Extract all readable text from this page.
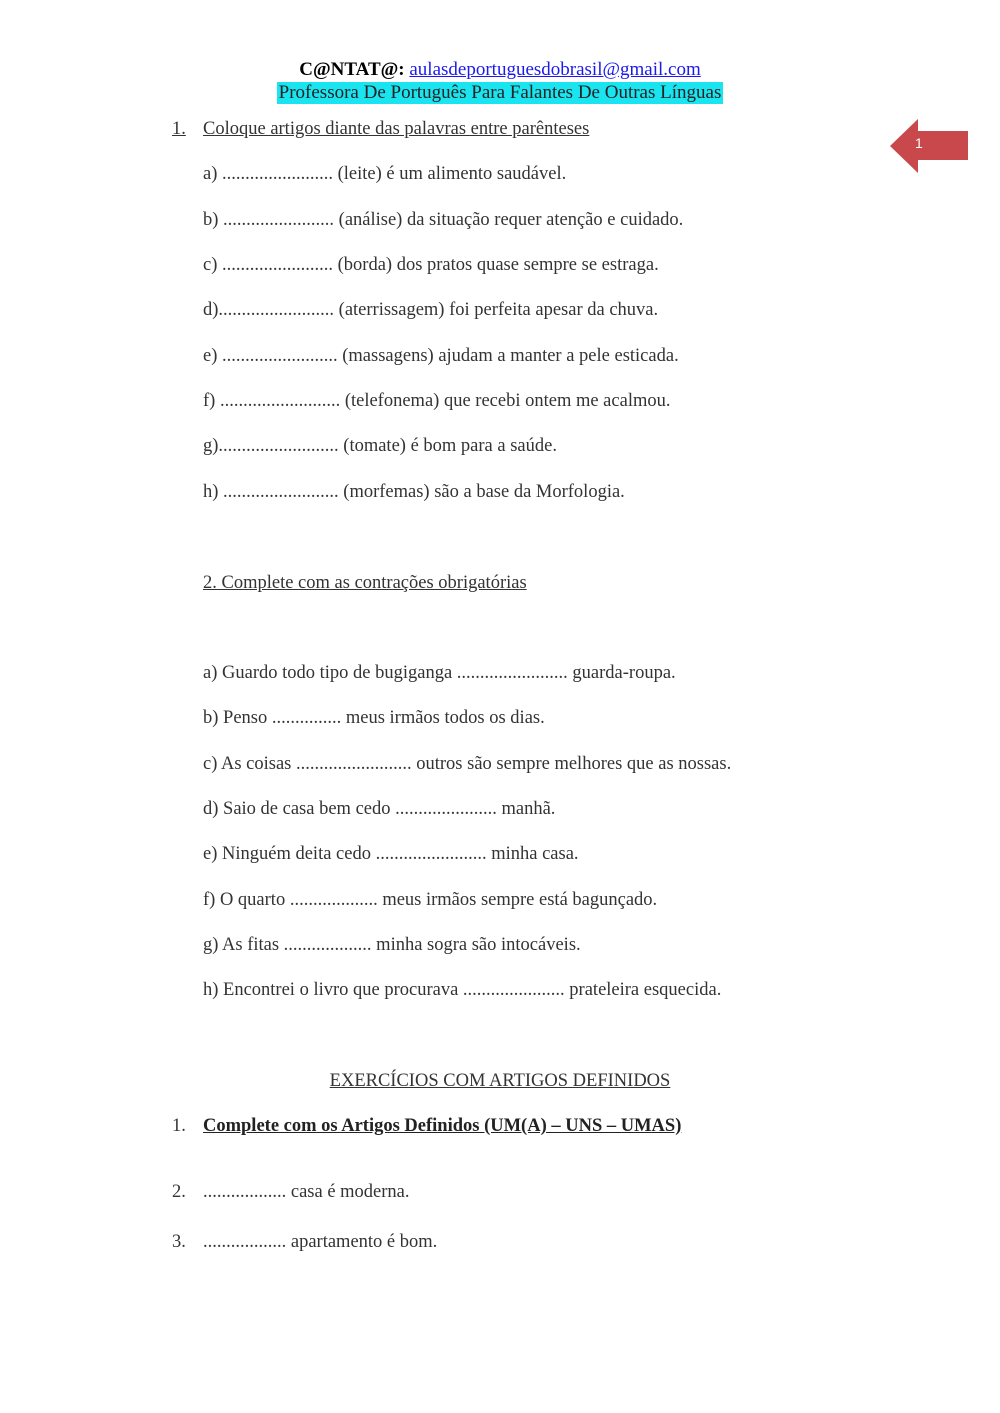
C@NTAT@: aulasdeportuguesdobrasil@gmail.com
Professora De Português Para Falantes De Outras Línguas
1
1. Coloque artigos diante das palavras entre parênteses
a) ........................ (leite) é um alimento saudável.
b) ........................ (análise) da situação requer atenção e cuidado.
c) ........................ (borda) dos pratos quase sempre se estraga.
d)......................... (aterrissagem) foi perfeita apesar da chuva.
e) ......................... (massagens) ajudam a manter a pele esticada.
f) .......................... (telefonema) que recebi ontem me acalmou.
g).......................... (tomate) é bom para a saúde.
h) ......................... (morfemas) são a base da Morfologia.
2. Complete com as contrações obrigatórias
a) Guardo todo tipo de bugiganga ........................ guarda-roupa.
b) Penso ............... meus irmãos todos os dias.
c) As coisas ......................... outros são sempre melhores que as nossas.
d) Saio de casa bem cedo ...................... manhã.
e) Ninguém deita cedo ........................ minha casa.
f) O quarto ................... meus irmãos sempre está bagunçado.
g) As fitas ................... minha sogra são intocáveis.
h) Encontrei o livro que procurava ...................... prateleira esquecida.
EXERCÍCIOS COM ARTIGOS DEFINIDOS
1. Complete com os Artigos Definidos (UM(A) – UNS – UMAS)
2. .................. casa é moderna.
3. .................. apartamento é bom.
